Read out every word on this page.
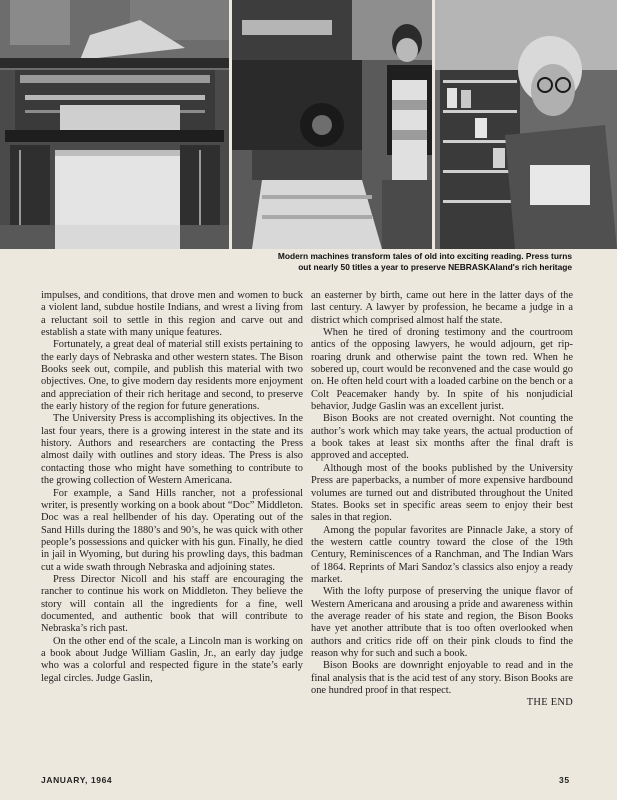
Modern machines transform tales of old into exciting reading. Press turns
out nearly 50 titles a year to preserve NEBRASKAland's rich heritage

impulses, and conditions, that drove men and women to buck a violent land, subdue hostile Indians, and wrest a living from a reluctant soil to settle in this region and carve out and establish a state with many unique features.

Fortunately, a great deal of material still exists pertaining to the early days of Nebraska and other western states. The Bison Books seek out, compile, and publish this material with two objectives. One, to give modern day residents more enjoyment and appreciation of their rich heritage and second, to preserve the early history of the region for future generations.

The University Press is accomplishing its objectives. In the last four years, there is a growing interest in the state and its history. Authors and researchers are contacting the Press almost daily with outlines and story ideas. The Press is also contacting those who might have something to contribute to the growing collection of Western Americana.

For example, a Sand Hills rancher, not a professional writer, is presently working on a book about “Doc” Middleton. Doc was a real hellbender of his day. Operating out of the Sand Hills during the 1880’s and 90’s, he was quick with other people’s possessions and quicker with his gun. Finally, he died in jail in Wyoming, but during his prowling days, this badman cut a wide swath through Nebraska and adjoining states.

Press Director Nicoll and his staff are encouraging the rancher to continue his work on Middleton. They believe the story will contain all the ingredients for a fine, well documented, and authentic book that will contribute to Nebraska’s rich past.

On the other end of the scale, a Lincoln man is working on a book about Judge William Gaslin, Jr., an early day judge who was a colorful and respected figure in the state’s early legal circles. Judge Gaslin,

an easterner by birth, came out here in the latter days of the last century. A lawyer by profession, he became a judge in a district which comprised almost half the state.

When he tired of droning testimony and the courtroom antics of the opposing lawyers, he would adjourn, get rip-roaring drunk and otherwise paint the town red. When he sobered up, court would be reconvened and the case would go on. He often held court with a loaded carbine on the bench or a Colt Peacemaker handy by. In spite of his nonjudicial behavior, Judge Gaslin was an excellent jurist.

Bison Books are not created overnight. Not counting the author’s work which may take years, the actual production of a book takes at least six months after the final draft is approved and accepted.

Although most of the books published by the University Press are paperbacks, a number of more expensive hardbound volumes are turned out and distributed throughout the United States. Books set in specific areas seem to enjoy their best sales in that region.

Among the popular favorites are Pinnacle Jake, a story of the western cattle country toward the close of the 19th Century, Reminiscences of a Ranchman, and The Indian Wars of 1864. Reprints of Mari Sandoz’s classics also enjoy a ready market.

With the lofty purpose of preserving the unique flavor of Western Americana and arousing a pride and awareness within the average reader of his state and region, the Bison Books have yet another attribute that is too often overlooked when authors and critics ride off on their pink clouds to find the reason why for such and such a book.

Bison Books are downright enjoyable to read and in the final analysis that is the acid test of any story. Bison Books are one hundred proof in that respect.

THE END
JANUARY, 1964	35
